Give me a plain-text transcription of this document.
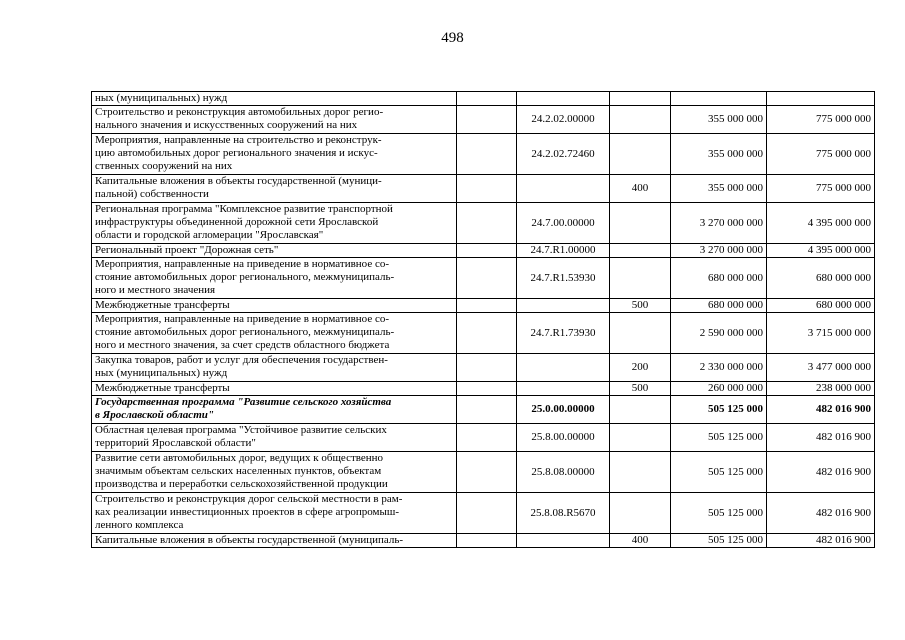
498
ных (муниципальных) нужд					

Строительство и реконструкция автомобильных дорог регио-
нального значения и искусственных сооружений на них		24.2.02.00000		355 000 000	775 000 000

Мероприятия, направленные на строительство и реконструк-
цию автомобильных дорог регионального значения и искус-
ственных сооружений на них		24.2.02.72460		355 000 000	775 000 000

Капитальные вложения в объекты государственной (муници-
пальной) собственности			400	355 000 000	775 000 000

Региональная программа "Комплексное развитие транспортной
инфраструктуры объединенной дорожной сети Ярославской
области и городской агломерации "Ярославская"		24.7.00.00000		3 270 000 000	4 395 000 000

Региональный проект "Дорожная сеть"		24.7.R1.00000		3 270 000 000	4 395 000 000

Мероприятия, направленные на приведение в нормативное со-
стояние автомобильных дорог регионального, межмуниципаль-
ного и местного значения		24.7.R1.53930		680 000 000	680 000 000

Межбюджетные трансферты			500	680 000 000	680 000 000

Мероприятия, направленные на приведение в нормативное со-
стояние автомобильных дорог регионального, межмуниципаль-
ного и местного значения, за счет средств областного бюджета		24.7.R1.73930		2 590 000 000	3 715 000 000

Закупка товаров, работ и услуг для обеспечения государствен-
ных (муниципальных) нужд			200	2 330 000 000	3 477 000 000

Межбюджетные трансферты			500	260 000 000	238 000 000

Государственная программа "Развитие сельского хозяйства
в Ярославской области"		25.0.00.00000		505 125 000	482 016 900

Областная целевая программа "Устойчивое развитие сельских
территорий Ярославской области"		25.8.00.00000		505 125 000	482 016 900

Развитие сети автомобильных дорог, ведущих к общественно
значимым объектам сельских населенных пунктов, объектам
производства и переработки сельскохозяйственной продукции		25.8.08.00000		505 125 000	482 016 900

Строительство и реконструкция дорог сельской местности в рам-
ках реализации инвестиционных проектов в сфере агропромыш-
ленного комплекса		25.8.08.R5670		505 125 000	482 016 900

Капитальные вложения в объекты государственной (муниципаль-			400	505 125 000	482 016 900
